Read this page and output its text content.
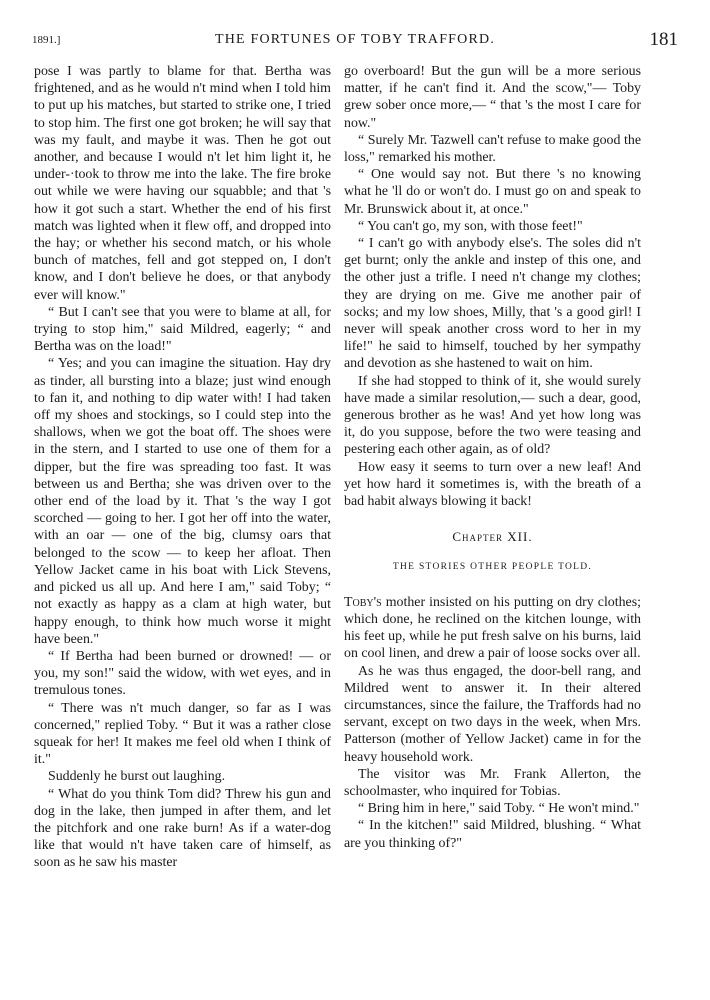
1891.]	THE FORTUNES OF TOBY TRAFFORD.	181

pose I was partly to blame for that. Bertha was frightened, and as he would n't mind when I told him to put up his matches, but started to strike one, I tried to stop him. The first one got broken; he will say that was my fault, and maybe it was. Then he got out another, and because I would n't let him light it, he under-·took to throw me into the lake. The fire broke out while we were having our squabble; and that 's how it got such a start. Whether the end of his first match was lighted when it flew off, and dropped into the hay; or whether his second match, or his whole bunch of matches, fell and got stepped on, I don't know, and I don't believe he does, or that anybody ever will know."

“ But I can't see that you were to blame at all, for trying to stop him," said Mildred, eagerly; “ and Bertha was on the load!"

“ Yes; and you can imagine the situation. Hay dry as tinder, all bursting into a blaze; just wind enough to fan it, and nothing to dip water with! I had taken off my shoes and stockings, so I could step into the shallows, when we got the boat off. The shoes were in the stern, and I started to use one of them for a dipper, but the fire was spreading too fast. It was between us and Bertha; she was driven over to the other end of the load by it. That 's the way I got scorched — going to her. I got her off into the water, with an oar — one of the big, clumsy oars that belonged to the scow — to keep her afloat. Then Yellow Jacket came in his boat with Lick Stevens, and picked us all up. And here I am," said Toby; “ not exactly as happy as a clam at high water, but happy enough, to think how much worse it might have been."

“ If Bertha had been burned or drowned! — or you, my son!" said the widow, with wet eyes, and in tremulous tones.

“ There was n't much danger, so far as I was concerned," replied Toby. “ But it was a rather close squeak for her! It makes me feel old when I think of it."

Suddenly he burst out laughing.

“ What do you think Tom did? Threw his gun and dog in the lake, then jumped in after them, and let the pitchfork and one rake burn! As if a water-dog like that would n't have taken care of himself, as soon as he saw his master

go overboard! But the gun will be a more serious matter, if he can't find it. And the scow,"— Toby grew sober once more,— “ that 's the most I care for now."

“ Surely Mr. Tazwell can't refuse to make good the loss," remarked his mother.

“ One would say not. But there 's no knowing what he 'll do or won't do. I must go on and speak to Mr. Brunswick about it, at once."

“ You can't go, my son, with those feet!"

“ I can't go with anybody else's. The soles did n't get burnt; only the ankle and instep of this one, and the other just a trifle. I need n't change my clothes; they are drying on me. Give me another pair of socks; and my low shoes, Milly, that 's a good girl! I never will speak another cross word to her in my life!" he said to himself, touched by her sympathy and devotion as she hastened to wait on him.

If she had stopped to think of it, she would surely have made a similar resolution,— such a dear, good, generous brother as he was! And yet how long was it, do you suppose, before the two were teasing and pestering each other again, as of old?

How easy it seems to turn over a new leaf! And yet how hard it sometimes is, with the breath of a bad habit always blowing it back!

Chapter XII.
THE STORIES OTHER PEOPLE TOLD.

Toby's mother insisted on his putting on dry clothes; which done, he reclined on the kitchen lounge, with his feet up, while he put fresh salve on his burns, laid on cool linen, and drew a pair of loose socks over all.

As he was thus engaged, the door-bell rang, and Mildred went to answer it. In their altered circumstances, since the failure, the Traffords had no servant, except on two days in the week, when Mrs. Patterson (mother of Yellow Jacket) came in for the heavy household work.

The visitor was Mr. Frank Allerton, the schoolmaster, who inquired for Tobias.

“ Bring him in here," said Toby. “ He won't mind."

“ In the kitchen!" said Mildred, blushing. “ What are you thinking of?"
